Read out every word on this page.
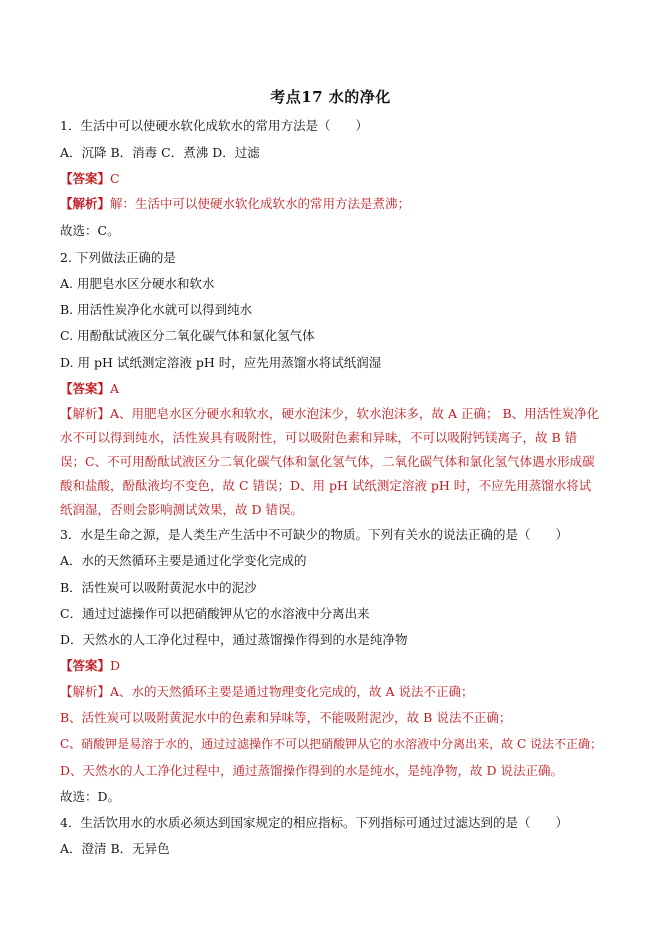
考点17 水的净化
1．生活中可以使硬水软化成软水的常用方法是（　　）
A．沉降 B．消毒 C．煮沸 D．过滤
【答案】C
【解析】解：生活中可以使硬水软化成软水的常用方法是煮沸；
故选：C。
2. 下列做法正确的是
A. 用肥皂水区分硬水和软水
B. 用活性炭净化水就可以得到纯水
C. 用酚酞试液区分二氧化碳气体和氯化氢气体
D. 用 pH 试纸测定溶液 pH 时，应先用蒸馏水将试纸润湿
【答案】A
【解析】A、用肥皂水区分硬水和软水，硬水泡沫少，软水泡沫多，故 A 正确； B、用活性炭净化水不可以得到纯水，活性炭具有吸附性，可以吸附色素和异味，不可以吸附钙镁离子，故 B 错误；C、不可用酚酞试液区分二氧化碳气体和氯化氢气体，二氧化碳气体和氯化氢气体遇水形成碳酸和盐酸，酚酞液均不变色，故 C 错误；D、用 pH 试纸测定溶液 pH 时，不应先用蒸馏水将试纸润湿，否则会影响测试效果，故 D 错误。
3．水是生命之源，是人类生产生活中不可缺少的物质。下列有关水的说法正确的是（　　）
A．水的天然循环主要是通过化学变化完成的
B．活性炭可以吸附黄泥水中的泥沙
C．通过过滤操作可以把硝酸钾从它的水溶液中分离出来
D．天然水的人工净化过程中，通过蒸馏操作得到的水是纯净物
【答案】D
【解析】A、水的天然循环主要是通过物理变化完成的，故 A 说法不正确；
B、活性炭可以吸附黄泥水中的色素和异味等，不能吸附泥沙，故 B 说法不正确；
C、硝酸钾是易溶于水的，通过过滤操作不可以把硝酸钾从它的水溶液中分离出来，故 C 说法不正确；
D、天然水的人工净化过程中，通过蒸馏操作得到的水是纯水，是纯净物，故 D 说法正确。
故选：D。
4．生活饮用水的水质必须达到国家规定的相应指标。下列指标可通过过滤达到的是（　　）
A．澄清 B．无异色
